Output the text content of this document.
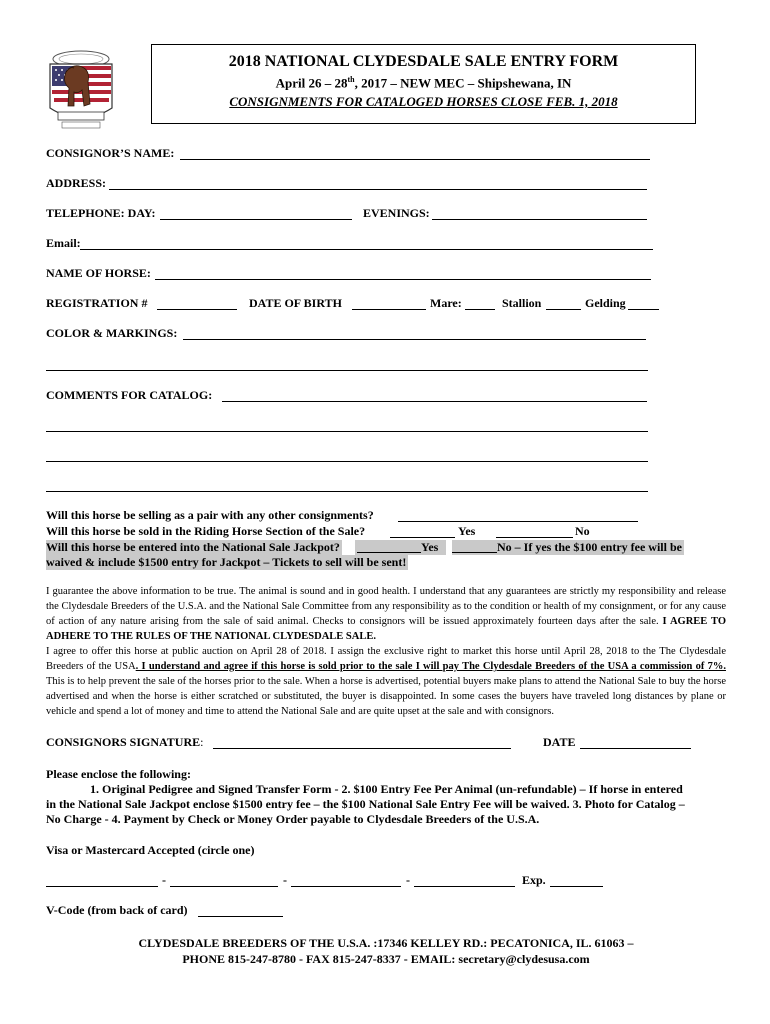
2018 NATIONAL CLYDESDALE SALE ENTRY FORM
April 26 – 28th, 2017 – NEW MEC – Shipshewana, IN
CONSIGNMENTS FOR CATALOGED HORSES CLOSE FEB. 1, 2018
CONSIGNOR’S NAME:
ADDRESS:
TELEPHONE: DAY:	EVENINGS:
Email:
NAME OF HORSE:
REGISTRATION #	DATE OF BIRTH	Mare:	Stallion	Gelding
COLOR & MARKINGS:
COMMENTS FOR CATALOG:
Will this horse be selling as a pair with any other consignments?
Will this horse be sold in the Riding Horse Section of the Sale?	Yes	No
Will this horse be entered into the National Sale Jackpot?	Yes	No – If yes the $100 entry fee will be
waived & include $1500 entry for Jackpot – Tickets to sell will be sent!
I guarantee the above information to be true. The animal is sound and in good health. I understand that any guarantees are strictly my responsibility and release the Clydesdale Breeders of the U.S.A. and the National Sale Committee from any responsibility as to the condition or health of my consignment, or for any cause of action of any nature arising from the sale of said animal. Checks to consignors will be issued approximately fourteen days after the sale. I AGREE TO ADHERE TO THE RULES OF THE NATIONAL CLYDESDALE SALE.
I agree to offer this horse at public auction on April 28 of 2018. I assign the exclusive right to market this horse until April 28, 2018 to the The Clydesdale Breeders of the USA. I understand and agree if this horse is sold prior to the sale I will pay The Clydesdale Breeders of the USA a commission of 7%. This is to help prevent the sale of the horses prior to the sale. When a horse is advertised, potential buyers make plans to attend the National Sale to buy the horse advertised and when the horse is either scratched or substituted, the buyer is disappointed. In some cases the buyers have traveled long distances by plane or vehicle and spend a lot of money and time to attend the National Sale and are quite upset at the sale and with consignors.
CONSIGNORS SIGNATURE:	DATE
Please enclose the following:
1. Original Pedigree and Signed Transfer Form - 2. $100 Entry Fee Per Animal (un-refundable) – If horse in entered
in the National Sale Jackpot enclose $1500 entry fee – the $100 National Sale Entry Fee will be waived. 3. Photo for Catalog –
No Charge - 4. Payment by Check or Money Order payable to Clydesdale Breeders of the U.S.A.
Visa or Mastercard Accepted (circle one)
-	-	-	Exp.
V-Code (from back of card)
CLYDESDALE BREEDERS OF THE U.S.A. :17346 KELLEY RD.: PECATONICA, IL. 61063 –
PHONE 815-247-8780 - FAX 815-247-8337 - EMAIL: secretary@clydesusa.com
